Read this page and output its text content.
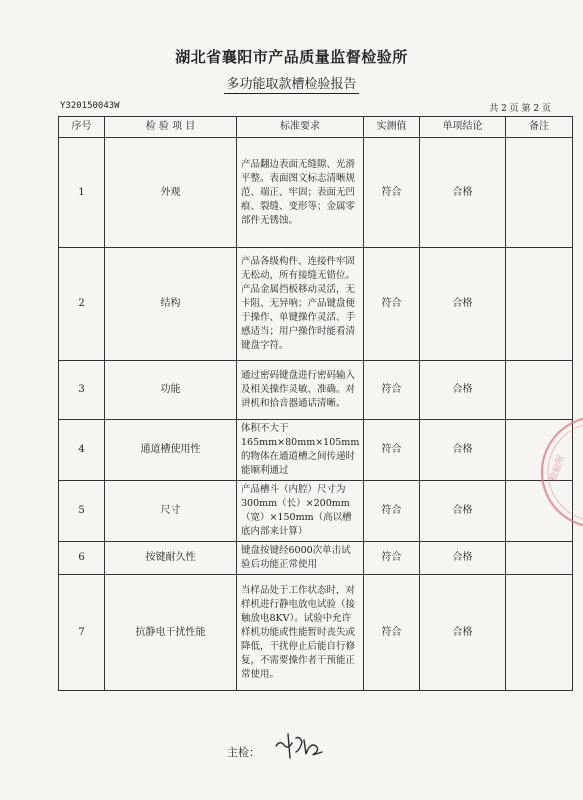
湖北省襄阳市产品质量监督检验所
多功能取款槽检验报告
Y320150043W	共 2 页 第 2 页
序号	检 验 项 目	标准要求	实测值	单项结论	备注
1	外观	产品翻边表面无缝隙、光滑平整。表面图文标志清晰规范、端正、牢固；表面无凹痕、裂缝、变形等；金属零部件无锈蚀。	符合	合格	
2	结构	产品各级构件、连接件牢固无松动，所有接缝无错位。产品金属挡板移动灵活，无卡阻、无异响；产品键盘便于操作、单键操作灵活、手感适当；用户操作时能看清键盘字符。	符合	合格	
3	功能	通过密码键盘进行密码输入及相关操作灵敏、准确。对讲机和拾音器通话清晰。	符合	合格	
4	通道槽使用性	体积不大于165mm×80mm×105mm的物体在通道槽之间传递时能顺利通过	符合	合格	
5	尺寸	产品槽斗（内腔）尺寸为300mm（长）×200mm（宽）×150mm（高以槽底内部来计算）	符合	合格	
6	按键耐久性	键盘按键经6000次单击试验后功能正常使用	符合	合格	
7	抗静电干扰性能	当样品处于工作状态时，对样机进行静电放电试验（接触放电8KV）。试验中允许样机功能或性能暂时丧失或降低，干扰停止后能自行修复，不需要操作者干预能正常使用。	符合	合格	
主检：
检验所
